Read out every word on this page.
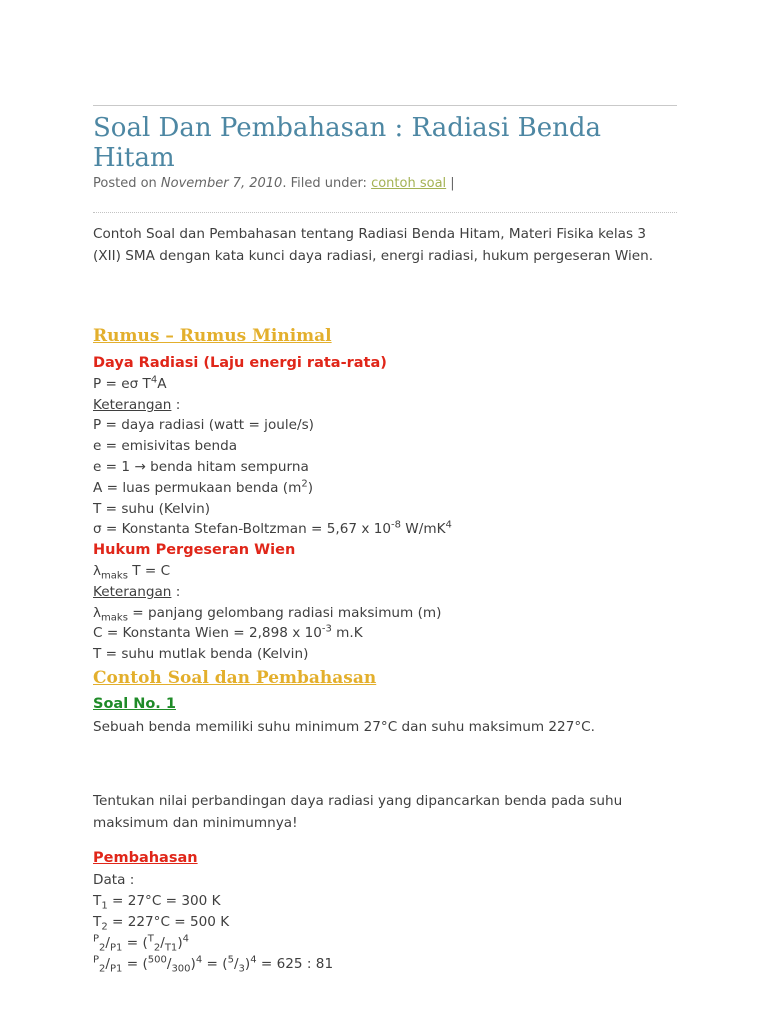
Soal Dan Pembahasan : Radiasi Benda Hitam

Posted on November 7, 2010. Filed under: contoh soal |

Contoh Soal dan Pembahasan tentang Radiasi Benda Hitam, Materi Fisika kelas 3 (XII) SMA dengan kata kunci daya radiasi, energi radiasi, hukum pergeseran Wien.

Rumus – Rumus Minimal
Daya Radiasi (Laju energi rata-rata)
P = eσ $T^4A$
Keterangan :
P = daya radiasi (watt = joule/s)
e = emisivitas benda
e = 1 → benda hitam sempurna
A = luas permukaan benda $(m^2)$
T = suhu (Kelvin)
σ = Konstanta Stefan-Boltzman = 5,67 x $10^{-8}$ $W/mK^4$
Hukum Pergeseran Wien
$\lambda_{maks}$ T = C
Keterangan :
$\lambda_{maks}$ = panjang gelombang radiasi maksimum (m)
C = Konstanta Wien = 2,898 x $10^{-3}$ m.K
T = suhu mutlak benda (Kelvin)
Contoh Soal dan Pembahasan
Soal No. 1

Sebuah benda memiliki suhu minimum 27°C dan suhu maksimum 227°C.

Tentukan nilai perbandingan daya radiasi yang dipancarkan benda pada suhu maksimum dan minimumnya!

Pembahasan
Data :
$T_1 = 27^\circ C = 300$ K
$T_2 = 227^\circ C = 500$ K
$^P_2/_{P1} = (^T_2/_{T1})^4$
$^P_2/_{P1} = (^{500}/_{300})^4 = (^5/_3)^4 = 625$ : 81
